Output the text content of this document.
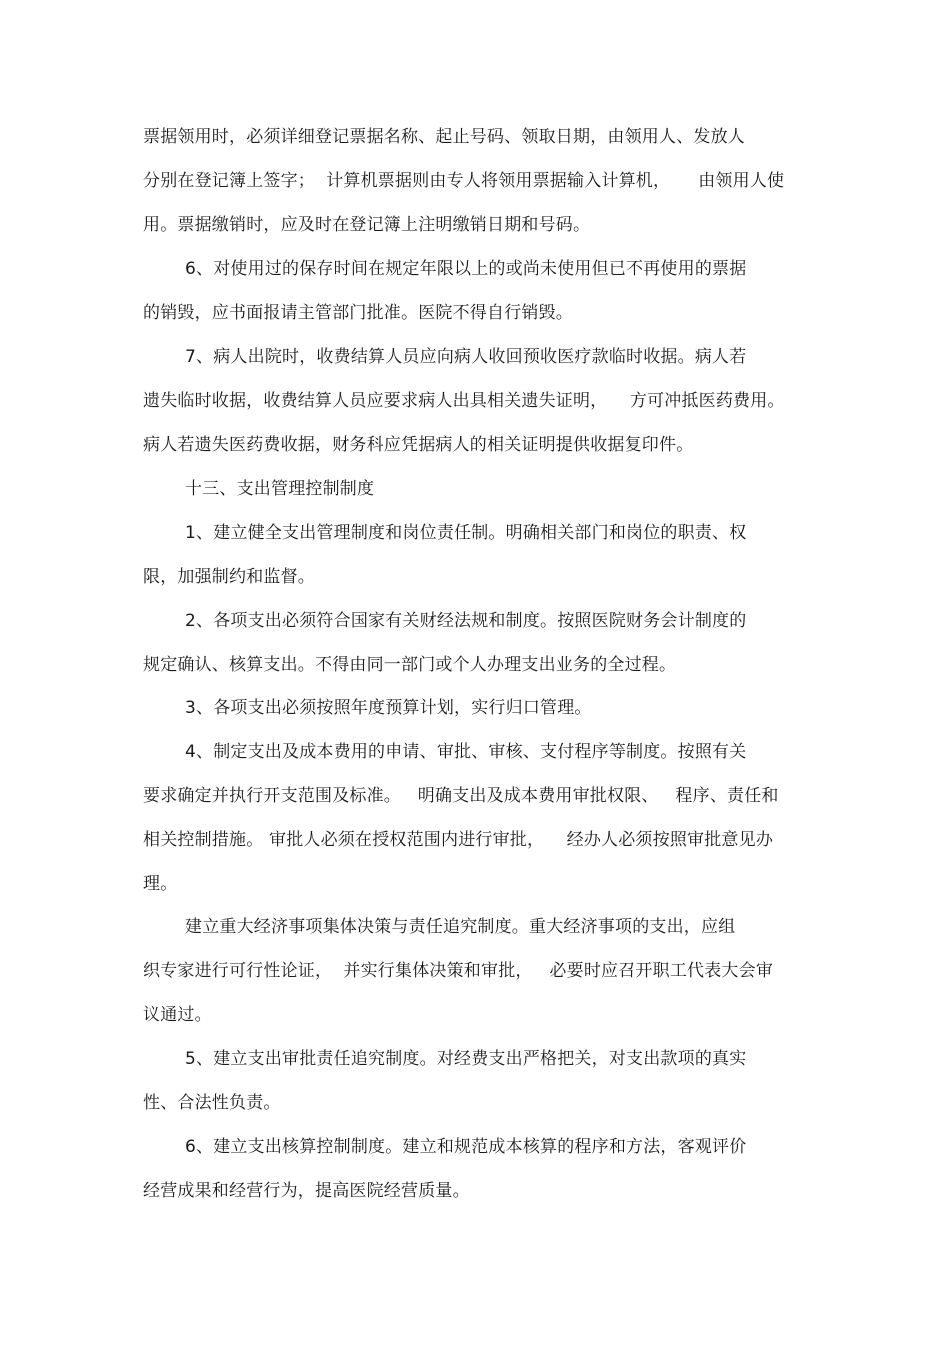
票据领用时，必须详细登记票据名称、起止号码、领取日期，由领用人、发放人
分别在登记簿上签字；  计算机票据则由专人将领用票据输入计算机，     由领用人使
用。票据缴销时，应及时在登记簿上注明缴销日期和号码。
6、对使用过的保存时间在规定年限以上的或尚未使用但已不再使用的票据
的销毁，应书面报请主管部门批准。医院不得自行销毁。
7、病人出院时，收费结算人员应向病人收回预收医疗款临时收据。病人若
遗失临时收据，收费结算人员应要求病人出具相关遗失证明，    方可冲抵医药费用。
病人若遗失医药费收据，财务科应凭据病人的相关证明提供收据复印件。
十三、支出管理控制制度
1、建立健全支出管理制度和岗位责任制。明确相关部门和岗位的职责、权
限，加强制约和监督。
2、各项支出必须符合国家有关财经法规和制度。按照医院财务会计制度的
规定确认、核算支出。不得由同一部门或个人办理支出业务的全过程。
3、各项支出必须按照年度预算计划，实行归口管理。
4、制定支出及成本费用的申请、审批、审核、支付程序等制度。按照有关
要求确定并执行开支范围及标准。   明确支出及成本费用审批权限、   程序、责任和
相关控制措施。 审批人必须在授权范围内进行审批，    经办人必须按照审批意见办
理。
建立重大经济事项集体决策与责任追究制度。重大经济事项的支出，应组
织专家进行可行性论证，  并实行集体决策和审批，   必要时应召开职工代表大会审
议通过。
5、建立支出审批责任追究制度。对经费支出严格把关，对支出款项的真实
性、合法性负责。
6、建立支出核算控制制度。建立和规范成本核算的程序和方法，客观评价
经营成果和经营行为，提高医院经营质量。
